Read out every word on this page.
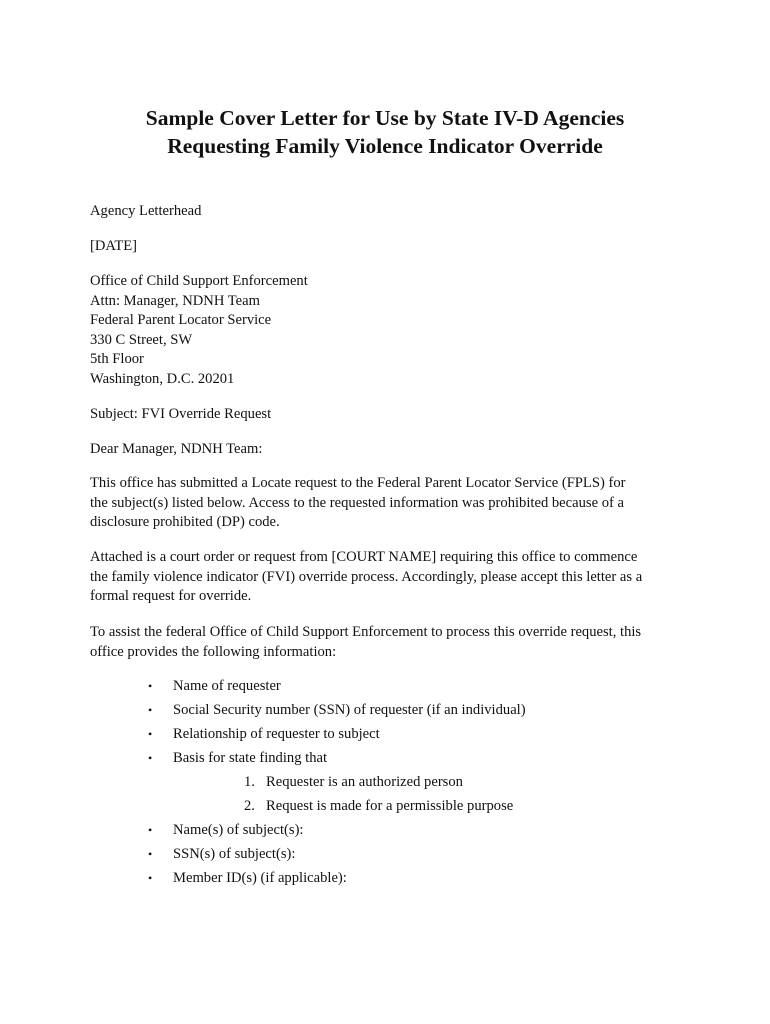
Sample Cover Letter for Use by State IV-D Agencies
Requesting Family Violence Indicator Override
Agency Letterhead
[DATE]
Office of Child Support Enforcement
Attn: Manager, NDNH Team
Federal Parent Locator Service
330 C Street, SW
5th Floor
Washington, D.C. 20201
Subject: FVI Override Request
Dear Manager, NDNH Team:
This office has submitted a Locate request to the Federal Parent Locator Service (FPLS) for
the subject(s) listed below. Access to the requested information was prohibited because of a
disclosure prohibited (DP) code.
Attached is a court order or request from [COURT NAME] requiring this office to commence
the family violence indicator (FVI) override process. Accordingly, please accept this letter as a
formal request for override.
To assist the federal Office of Child Support Enforcement to process this override request, this
office provides the following information:
• Name of requester
• Social Security number (SSN) of requester (if an individual)
• Relationship of requester to subject
• Basis for state finding that
1. Requester is an authorized person
2. Request is made for a permissible purpose
• Name(s) of subject(s):
• SSN(s) of subject(s):
• Member ID(s) (if applicable):
